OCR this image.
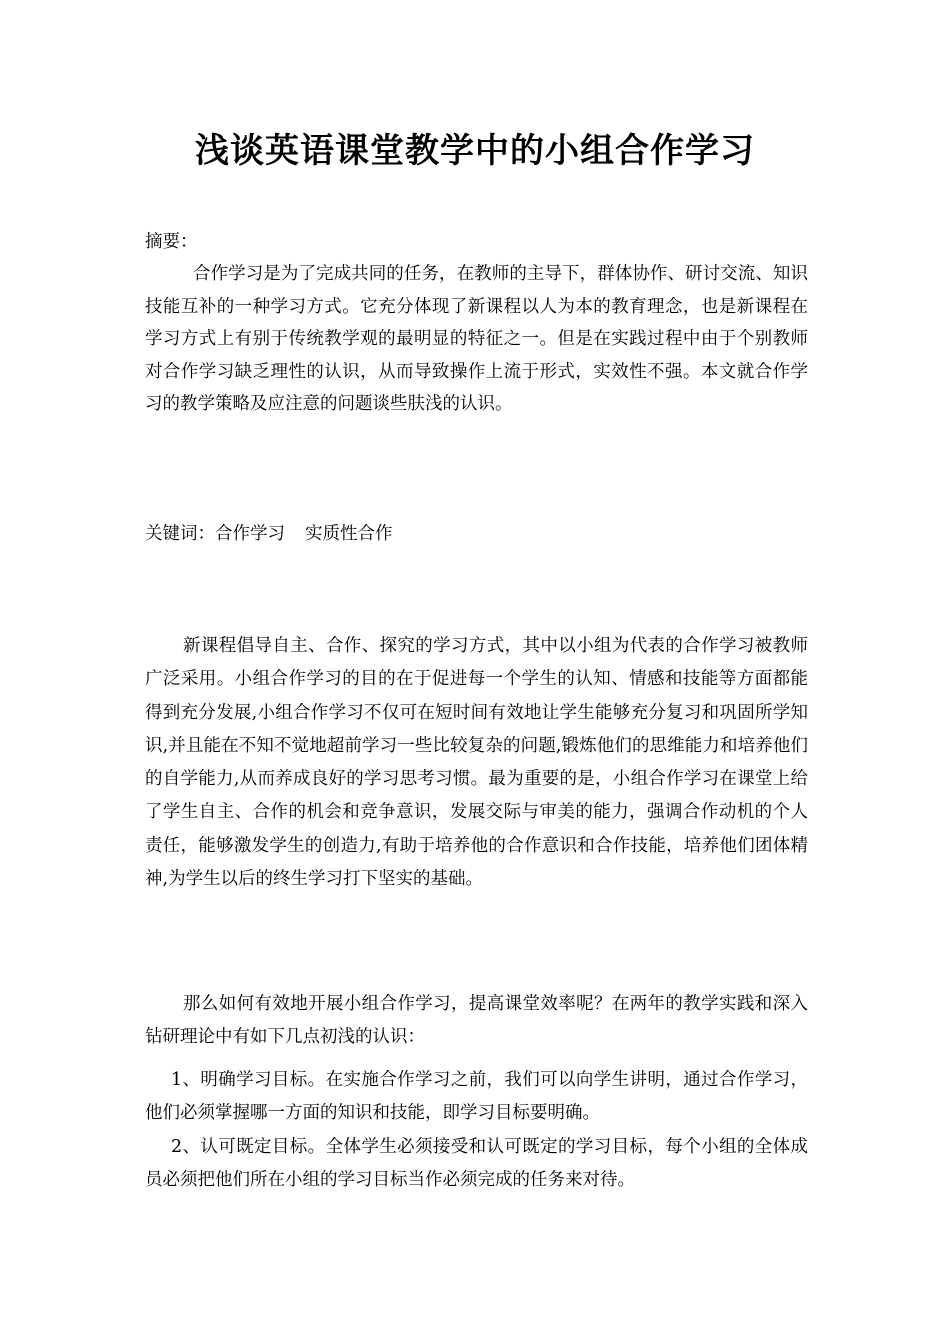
浅谈英语课堂教学中的小组合作学习
摘要：
合作学习是为了完成共同的任务，在教师的主导下，群体协作、研讨交流、知识技能互补的一种学习方式。它充分体现了新课程以人为本的教育理念，也是新课程在学习方式上有别于传统教学观的最明显的特征之一。但是在实践过程中由于个别教师对合作学习缺乏理性的认识，从而导致操作上流于形式，实效性不强。本文就合作学习的教学策略及应注意的问题谈些肤浅的认识。
关键词：合作学习 实质性合作
新课程倡导自主、合作、探究的学习方式，其中以小组为代表的合作学习被教师广泛采用。小组合作学习的目的在于促进每一个学生的认知、情感和技能等方面都能得到充分发展,小组合作学习不仅可在短时间有效地让学生能够充分复习和巩固所学知识,并且能在不知不觉地超前学习一些比较复杂的问题,锻炼他们的思维能力和培养他们的自学能力,从而养成良好的学习思考习惯。最为重要的是，小组合作学习在课堂上给了学生自主、合作的机会和竞争意识，发展交际与审美的能力，强调合作动机的个人责任，能够激发学生的创造力,有助于培养他的合作意识和合作技能，培养他们团体精神,为学生以后的终生学习打下坚实的基础。
那么如何有效地开展小组合作学习，提高课堂效率呢？在两年的教学实践和深入钻研理论中有如下几点初浅的认识：
1、明确学习目标。在实施合作学习之前，我们可以向学生讲明，通过合作学习，他们必须掌握哪一方面的知识和技能，即学习目标要明确。
2、认可既定目标。全体学生必须接受和认可既定的学习目标，每个小组的全体成员必须把他们所在小组的学习目标当作必须完成的任务来对待。
